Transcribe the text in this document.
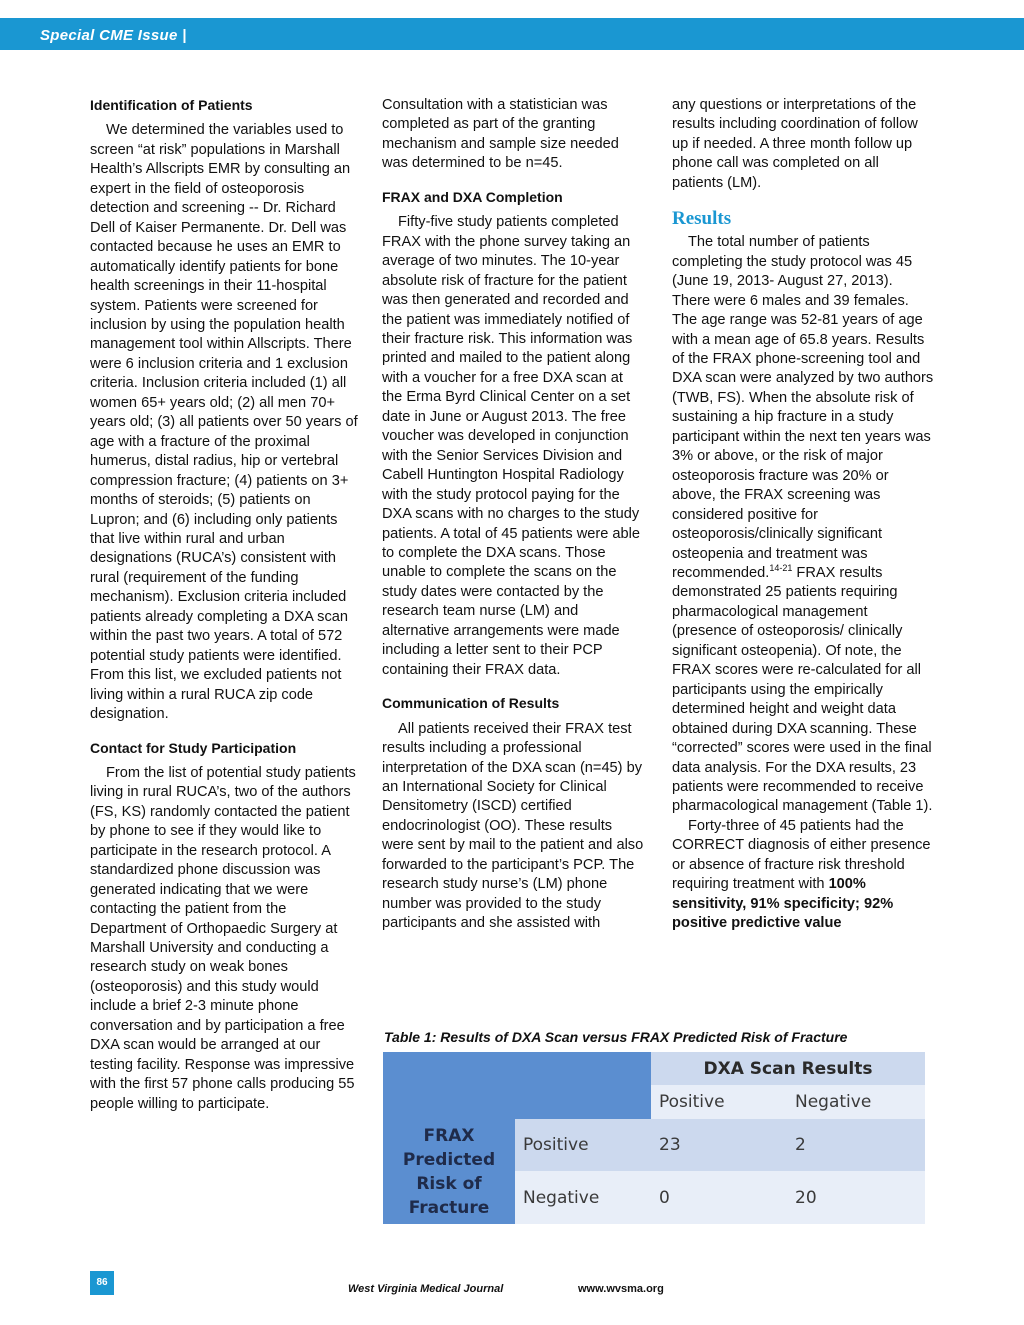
Special CME Issue |

Identification of Patients

We determined the variables used to screen “at risk” populations in Marshall Health’s Allscripts EMR by consulting an expert in the field of osteoporosis detection and screening -- Dr. Richard Dell of Kaiser Permanente. Dr. Dell was contacted because he uses an EMR to automatically identify patients for bone health screenings in their 11-hospital system. Patients were screened for inclusion by using the population health management tool within Allscripts. There were 6 inclusion criteria and 1 exclusion criteria. Inclusion criteria included (1) all women 65+ years old; (2) all men 70+ years old; (3) all patients over 50 years of age with a fracture of the proximal humerus, distal radius, hip or vertebral compression fracture; (4) patients on 3+ months of steroids; (5) patients on Lupron; and (6) including only patients that live within rural and urban designations (RUCA’s) consistent with rural (requirement of the funding mechanism). Exclusion criteria included patients already completing a DXA scan within the past two years. A total of 572 potential study patients were identified. From this list, we excluded patients not living within a rural RUCA zip code designation.

Contact for Study Participation

From the list of potential study patients living in rural RUCA’s, two of the authors (FS, KS) randomly contacted the patient by phone to see if they would like to participate in the research protocol. A standardized phone discussion was generated indicating that we were contacting the patient from the Department of Orthopaedic Surgery at Marshall University and conducting a research study on weak bones (osteoporosis) and this study would include a brief 2-3 minute phone conversation and by participation a free DXA scan would be arranged at our testing facility. Response was impressive with the first 57 phone calls producing 55 people willing to participate.

Consultation with a statistician was completed as part of the granting mechanism and sample size needed was determined to be n=45.

FRAX and DXA Completion

Fifty-five study patients completed FRAX with the phone survey taking an average of two minutes. The 10-year absolute risk of fracture for the patient was then generated and recorded and the patient was immediately notified of their fracture risk. This information was printed and mailed to the patient along with a voucher for a free DXA scan at the Erma Byrd Clinical Center on a set date in June or August 2013. The free voucher was developed in conjunction with the Senior Services Division and Cabell Huntington Hospital Radiology with the study protocol paying for the DXA scans with no charges to the study patients. A total of 45 patients were able to complete the DXA scans. Those unable to complete the scans on the study dates were contacted by the research team nurse (LM) and alternative arrangements were made including a letter sent to their PCP containing their FRAX data.

Communication of Results

All patients received their FRAX test results including a professional interpretation of the DXA scan (n=45) by an International Society for Clinical Densitometry (ISCD) certified endocrinologist (OO). These results were sent by mail to the patient and also forwarded to the participant’s PCP. The research study nurse’s (LM) phone number was provided to the study participants and she assisted with

any questions or interpretations of the results including coordination of follow up if needed. A three month follow up phone call was completed on all patients (LM).

Results

The total number of patients completing the study protocol was 45 (June 19, 2013- August 27, 2013). There were 6 males and 39 females. The age range was 52-81 years of age with a mean age of 65.8 years. Results of the FRAX phone-screening tool and DXA scan were analyzed by two authors (TWB, FS). When the absolute risk of sustaining a hip fracture in a study participant within the next ten years was 3% or above, or the risk of major osteoporosis fracture was 20% or above, the FRAX screening was considered positive for osteoporosis/clinically significant osteopenia and treatment was recommended.$^{14-21}$ FRAX results demonstrated 25 patients requiring pharmacological management (presence of osteoporosis/ clinically significant osteopenia). Of note, the FRAX scores were re-calculated for all participants using the empirically determined height and weight data obtained during DXA scanning. These “corrected” scores were used in the final data analysis. For the DXA results, 23 patients were recommended to receive pharmacological management (Table 1).

Forty-three of 45 patients had the CORRECT diagnosis of either presence or absence of fracture risk threshold requiring treatment with 100% sensitivity, 91% specificity; 92% positive predictive value

Table 1: Results of DXA Scan versus FRAX Predicted Risk of Fracture
		DXA Scan Results	
		Positive	Negative
FRAX
Predicted
Risk of
Fracture	Positive	23	2
	Negative	0	20
86
West Virginia Medical Journal	www.wvsma.org
